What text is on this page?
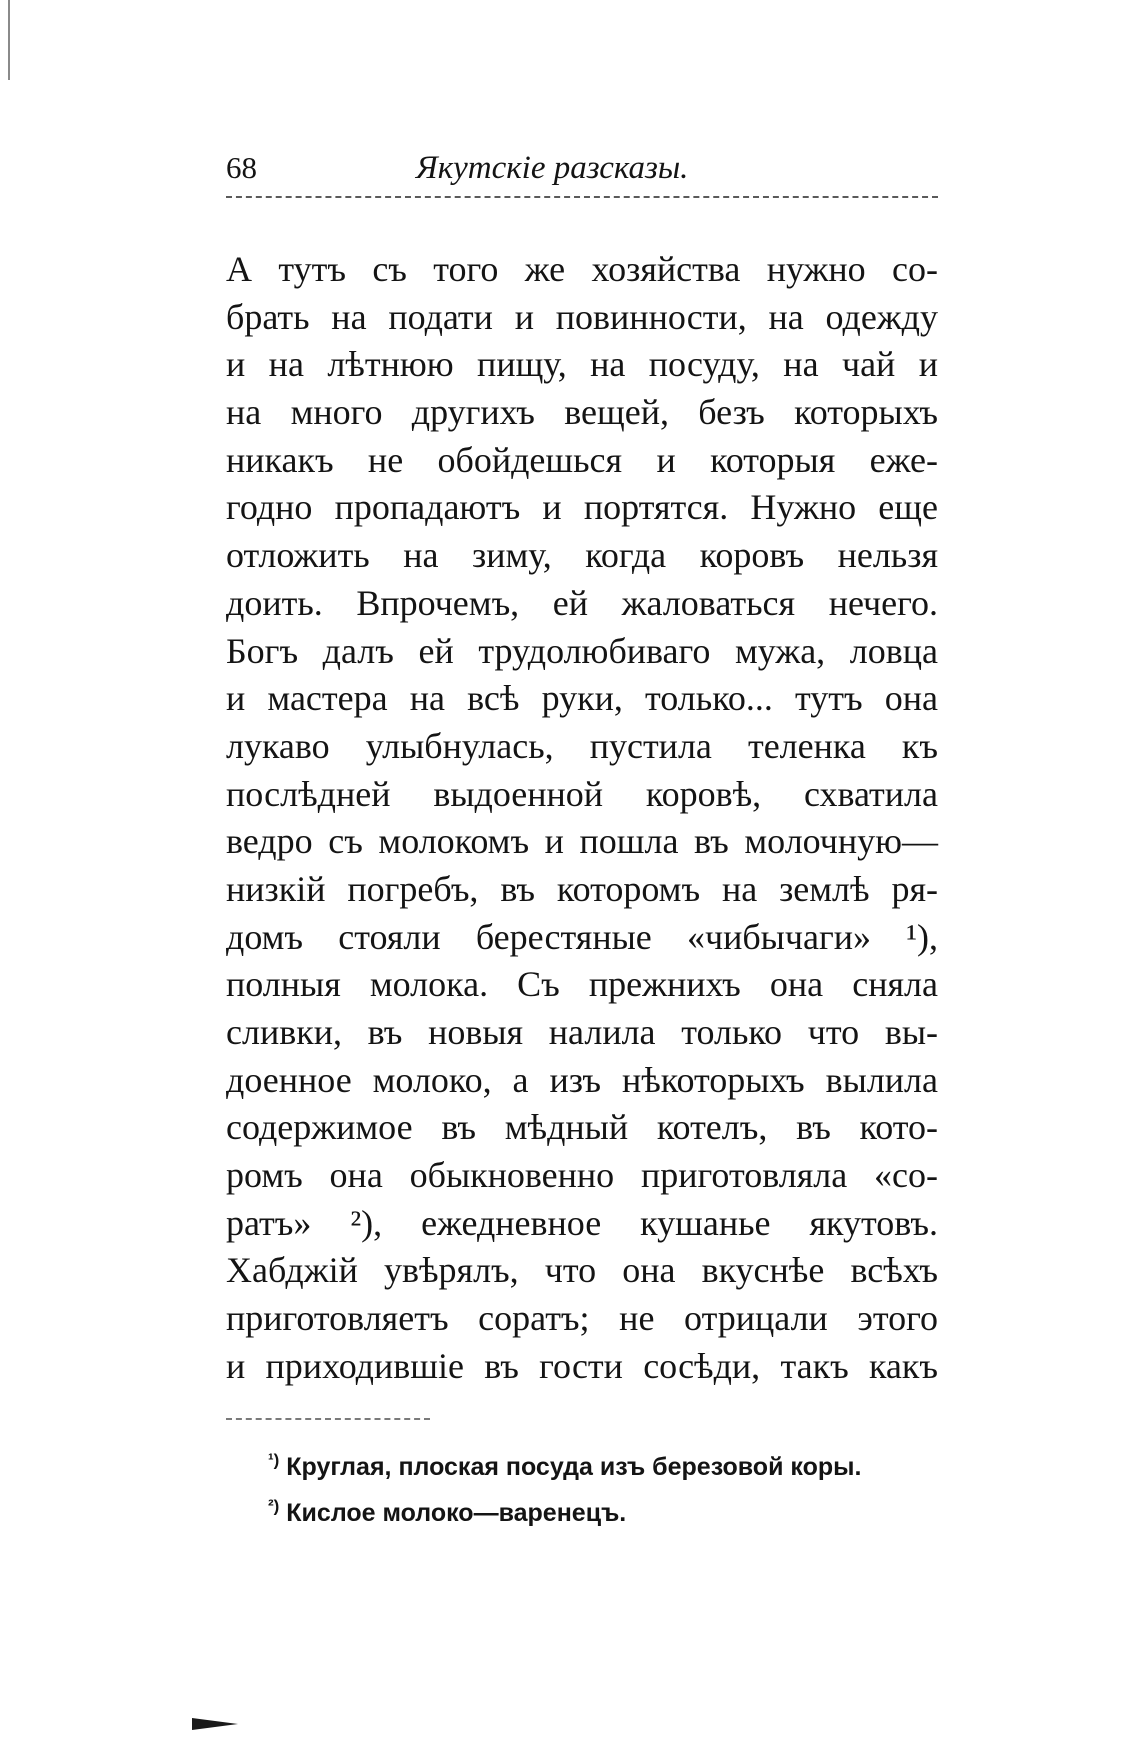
68	Якутскіе разсказы.
А тутъ съ того же хозяйства нужно со-
брать на подати и повинности, на одежду
и на лѣтнюю пищу, на посуду, на чай и
на много другихъ вещей, безъ которыхъ
никакъ не обойдешься и которыя еже-
годно пропадаютъ и портятся. Нужно еще
отложить на зиму, когда коровъ нельзя
доить. Впрочемъ, ей жаловаться нечего.
Богъ далъ ей трудолюбиваго мужа, ловца
и мастера на всѣ руки, только... тутъ она
лукаво улыбнулась, пустила теленка къ
послѣдней выдоенной коровѣ, схватила
ведро съ молокомъ и пошла въ молочную—
низкій погребъ, въ которомъ на землѣ ря-
домъ стояли берестяные «чибычаги» ¹),
полныя молока. Съ прежнихъ она сняла
сливки, въ новыя налила только что вы-
доенное молоко, а изъ нѣкоторыхъ вылила
содержимое въ мѣдный котелъ, въ кото-
ромъ она обыкновенно приготовляла «со-
ратъ» ²), ежедневное кушанье якутовъ.
Хабджій увѣрялъ, что она вкуснѣе всѣхъ
приготовляетъ соратъ; не отрицали этого
и приходившіе въ гости сосѣди, такъ какъ
$^{^1)}$ Круглая, плоская посуда изъ березовой коры.
$^{^2)}$ Кислое молоко—варенецъ.
